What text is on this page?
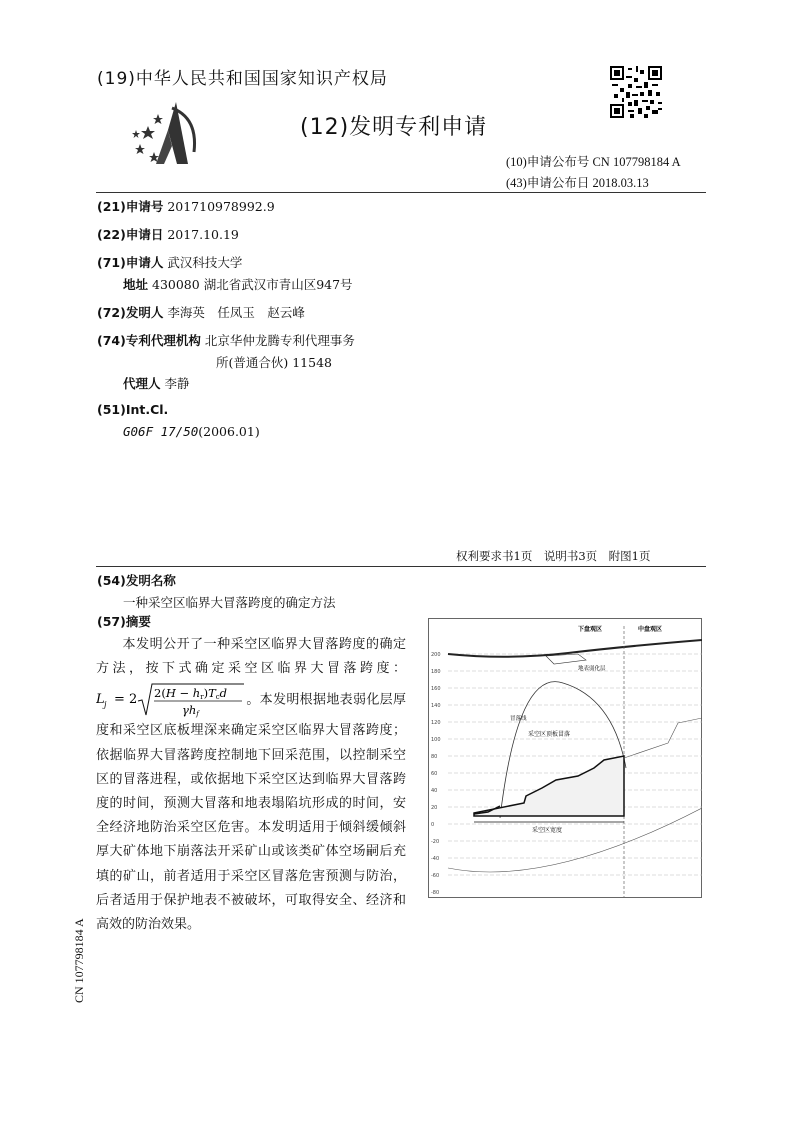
(19)中华人民共和国国家知识产权局
(12)发明专利申请
(10)申请公布号 CN 107798184 A
(43)申请公布日 2018.03.13
(21)申请号 201710978992.9
(22)申请日 2017.10.19
(71)申请人 武汉科技大学
地址 430080 湖北省武汉市青山区947号
(72)发明人 李海英　任凤玉　赵云峰
(74)专利代理机构 北京华仲龙腾专利代理事务
所(普通合伙) 11548
代理人 李静
(51)Int.Cl.
G06F 17/50(2006.01)
权利要求书1页　说明书3页　附图1页
(54)发明名称
一种采空区临界大冒落跨度的确定方法
(57)摘要
本发明公开了一种采空区临界大冒落跨度的确定方法，按下式确定采空区临界大冒落跨度：
L j = 2 2(H − hr)Tcd
γhf
。本发明根据地表弱化层厚度和采空区底板埋深来确定采空区临界大冒落跨度；依据临界大冒落跨度控制地下回采范围，以控制采空区的冒落进程，或依据地下采空区达到临界大冒落跨度的时间，预测大冒落和地表塌陷坑形成的时间，安全经济地防治采空区危害。本发明适用于倾斜缓倾斜厚大矿体地下崩落法开采矿山或该类矿体空场嗣后充填的矿山，前者适用于采空区冒落危害预测与防治，后者适用于保护地表不被破坏，可取得安全、经济和高效的防治效果。
CN 107798184 A
200
180
160
140
120
100
80
60
40
20
0
-20
-40
-60
-80
下盘观区	中盘观区
采空区顶板冒落
采空区宽度
地表弱化层
冒落线
